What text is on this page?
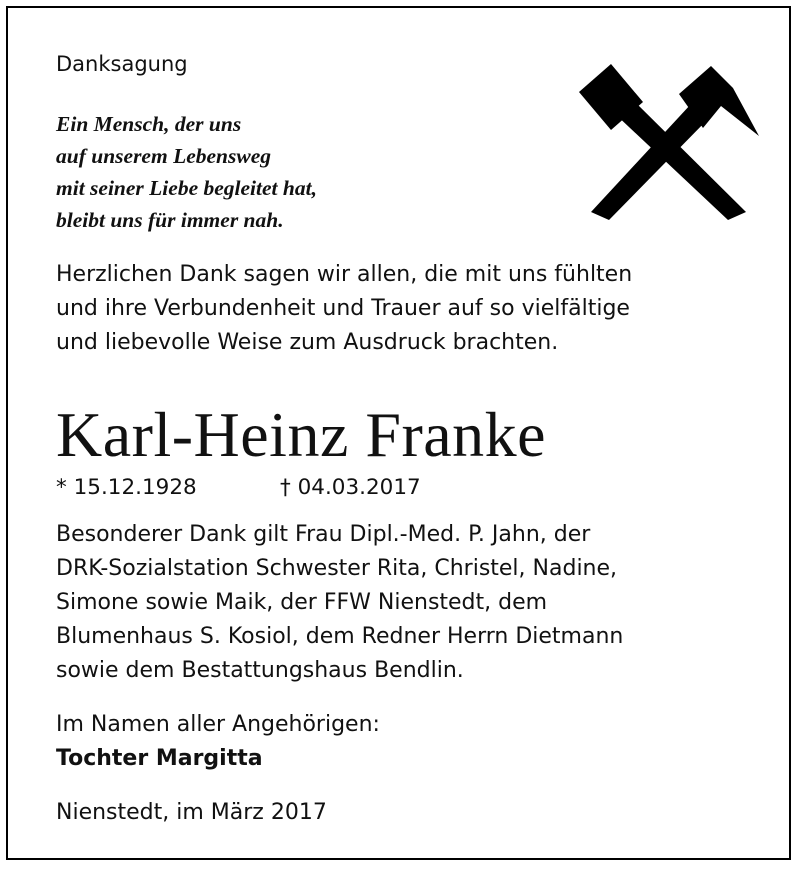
Danksagung
Ein Mensch, der uns
auf unserem Lebensweg
mit seiner Liebe begleitet hat,
bleibt uns für immer nah.
Herzlichen Dank sagen wir allen, die mit uns fühlten
und ihre Verbundenheit und Trauer auf so vielfältige
und liebevolle Weise zum Ausdruck brachten.
Karl-Heinz Franke
* 15.12.1928	† 04.03.2017
Besonderer Dank gilt Frau Dipl.-Med. P. Jahn, der
DRK-Sozialstation Schwester Rita, Christel, Nadine,
Simone sowie Maik, der FFW Nienstedt, dem
Blumenhaus S. Kosiol, dem Redner Herrn Dietmann
sowie dem Bestattungshaus Bendlin.
Im Namen aller Angehörigen:
Tochter Margitta
Nienstedt, im März 2017
